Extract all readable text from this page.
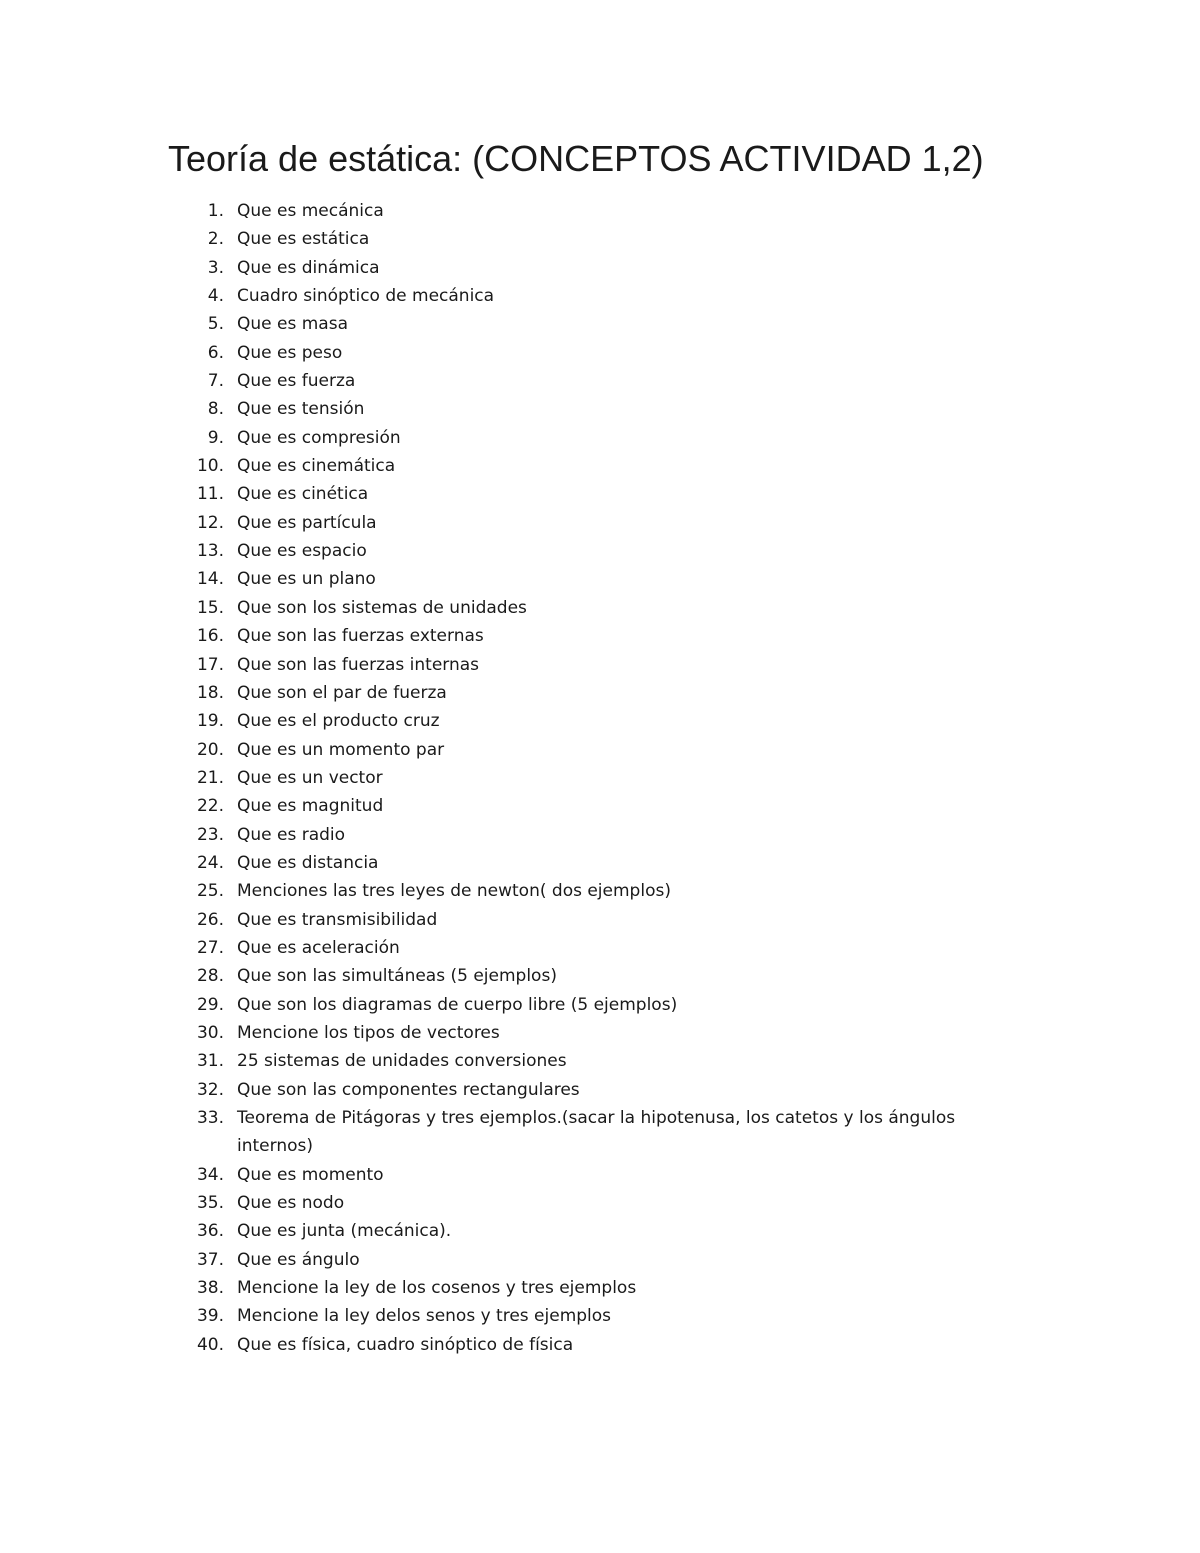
Teoría de estática: (CONCEPTOS ACTIVIDAD 1,2)
1. Que es mecánica
2. Que es estática
3. Que es dinámica
4. Cuadro sinóptico de mecánica
5. Que es masa
6. Que es peso
7. Que es fuerza
8. Que es tensión
9. Que es compresión
10. Que es cinemática
11. Que es cinética
12. Que es partícula
13. Que es espacio
14. Que es un plano
15. Que son los sistemas de unidades
16. Que son las fuerzas externas
17. Que son las fuerzas internas
18. Que son el par de fuerza
19. Que es el producto cruz
20. Que es un momento par
21. Que es un vector
22. Que es magnitud
23. Que es radio
24. Que es distancia
25. Menciones las tres leyes de newton( dos ejemplos)
26. Que es transmisibilidad
27. Que es aceleración
28. Que son las simultáneas (5 ejemplos)
29. Que son los diagramas de cuerpo libre (5 ejemplos)
30. Mencione los tipos de vectores
31. 25 sistemas de unidades conversiones
32. Que son las componentes rectangulares
33. Teorema de Pitágoras y tres ejemplos.(sacar la hipotenusa, los catetos y los ángulos internos)
34. Que es momento
35. Que es nodo
36. Que es junta (mecánica).
37. Que es ángulo
38. Mencione la ley de los cosenos y tres ejemplos
39. Mencione la ley delos senos y tres ejemplos
40. Que es física, cuadro sinóptico de física
